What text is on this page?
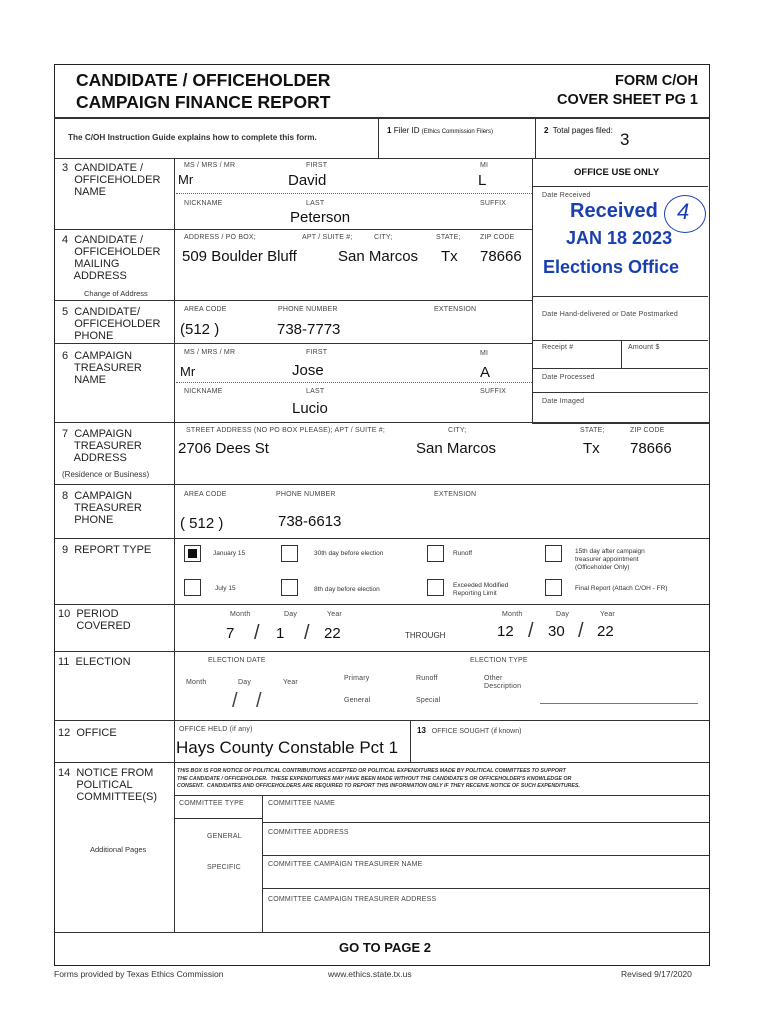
CANDIDATE / OFFICEHOLDER
CAMPAIGN FINANCE REPORT
FORM C/OH
COVER SHEET PG 1
The C/OH Instruction Guide explains how to complete this form.
1 Filer ID (Ethics Commission Filers)	2 Total pages filed: 3
3  CANDIDATE /
OFFICEHOLDER
NAME
MS / MRS / MR	FIRST	MI
Mr	David	L
NICKNAME	LAST	SUFFIX
Peterson
OFFICE USE ONLY
Date Received
Received 4
JAN 18 2023
Elections Office
Date Hand-delivered or Date Postmarked
Receipt #	Amount $
Date Processed
Date Imaged
4  CANDIDATE /
OFFICEHOLDER
MAILING
ADDRESS
Change of Address
ADDRESS / PO BOX;	APT / SUITE #;	CITY;	STATE;	ZIP CODE
509 Boulder Bluff	San Marcos Tx 78666
5  CANDIDATE/
OFFICEHOLDER
PHONE
AREA CODE	PHONE NUMBER	EXTENSION
(512 )	738-7773
6  CAMPAIGN
TREASURER
NAME
MS / MRS / MR	FIRST	MI
Mr	Jose	A
NICKNAME	LAST	SUFFIX
Lucio
7  CAMPAIGN
TREASURER
ADDRESS
(Residence or Business)
STREET ADDRESS (NO PO BOX PLEASE); APT / SUITE #;	CITY;	STATE;	ZIP CODE
2706 Dees St	San Marcos	Tx 78666
8  CAMPAIGN
TREASURER
PHONE
AREA CODE	PHONE NUMBER	EXTENSION
( 512 )	738-6613
9  REPORT TYPE	January 15	30th day before election	Runoff	15th day after campaign
treasurer appointment
(Officeholder Only)
July 15	8th day before election
Exceeded Modified
Reporting Limit
Final Report (Attach C/OH - FR)
10  PERIOD
COVERED
Month	Day	Year
7 / 1 / 22	THROUGH
Month	Day	Year
12 / 30 / 22
11  ELECTION	ELECTION DATE	ELECTION TYPE
Month	Day	Year
/ /
Primary	Runoff	Other
Description
General	Special
12  OFFICE	OFFICE HELD (if any)
Hays County Constable Pct 1
13 OFFICE SOUGHT (if known)
14  NOTICE FROM
POLITICAL
COMMITTEE(S)
Additional Pages
THIS BOX IS FOR NOTICE OF POLITICAL CONTRIBUTIONS ACCEPTED OR POLITICAL EXPENDITURES MADE BY POLITICAL COMMITTEES TO SUPPORT
THE CANDIDATE / OFFICEHOLDER.  THESE EXPENDITURES MAY HAVE BEEN MADE WITHOUT THE CANDIDATE'S OR OFFICEHOLDER'S KNOWLEDGE OR
CONSENT.  CANDIDATES AND OFFICEHOLDERS ARE REQUIRED TO REPORT THIS INFORMATION ONLY IF THEY RECEIVE NOTICE OF SUCH EXPENDITURES.
COMMITTEE TYPE	COMMITTEE NAME
GENERAL
COMMITTEE ADDRESS
SPECIFIC	COMMITTEE CAMPAIGN TREASURER NAME
COMMITTEE CAMPAIGN TREASURER ADDRESS
GO TO PAGE 2
Forms provided by Texas Ethics Commission	www.ethics.state.tx.us	Revised 9/17/2020
